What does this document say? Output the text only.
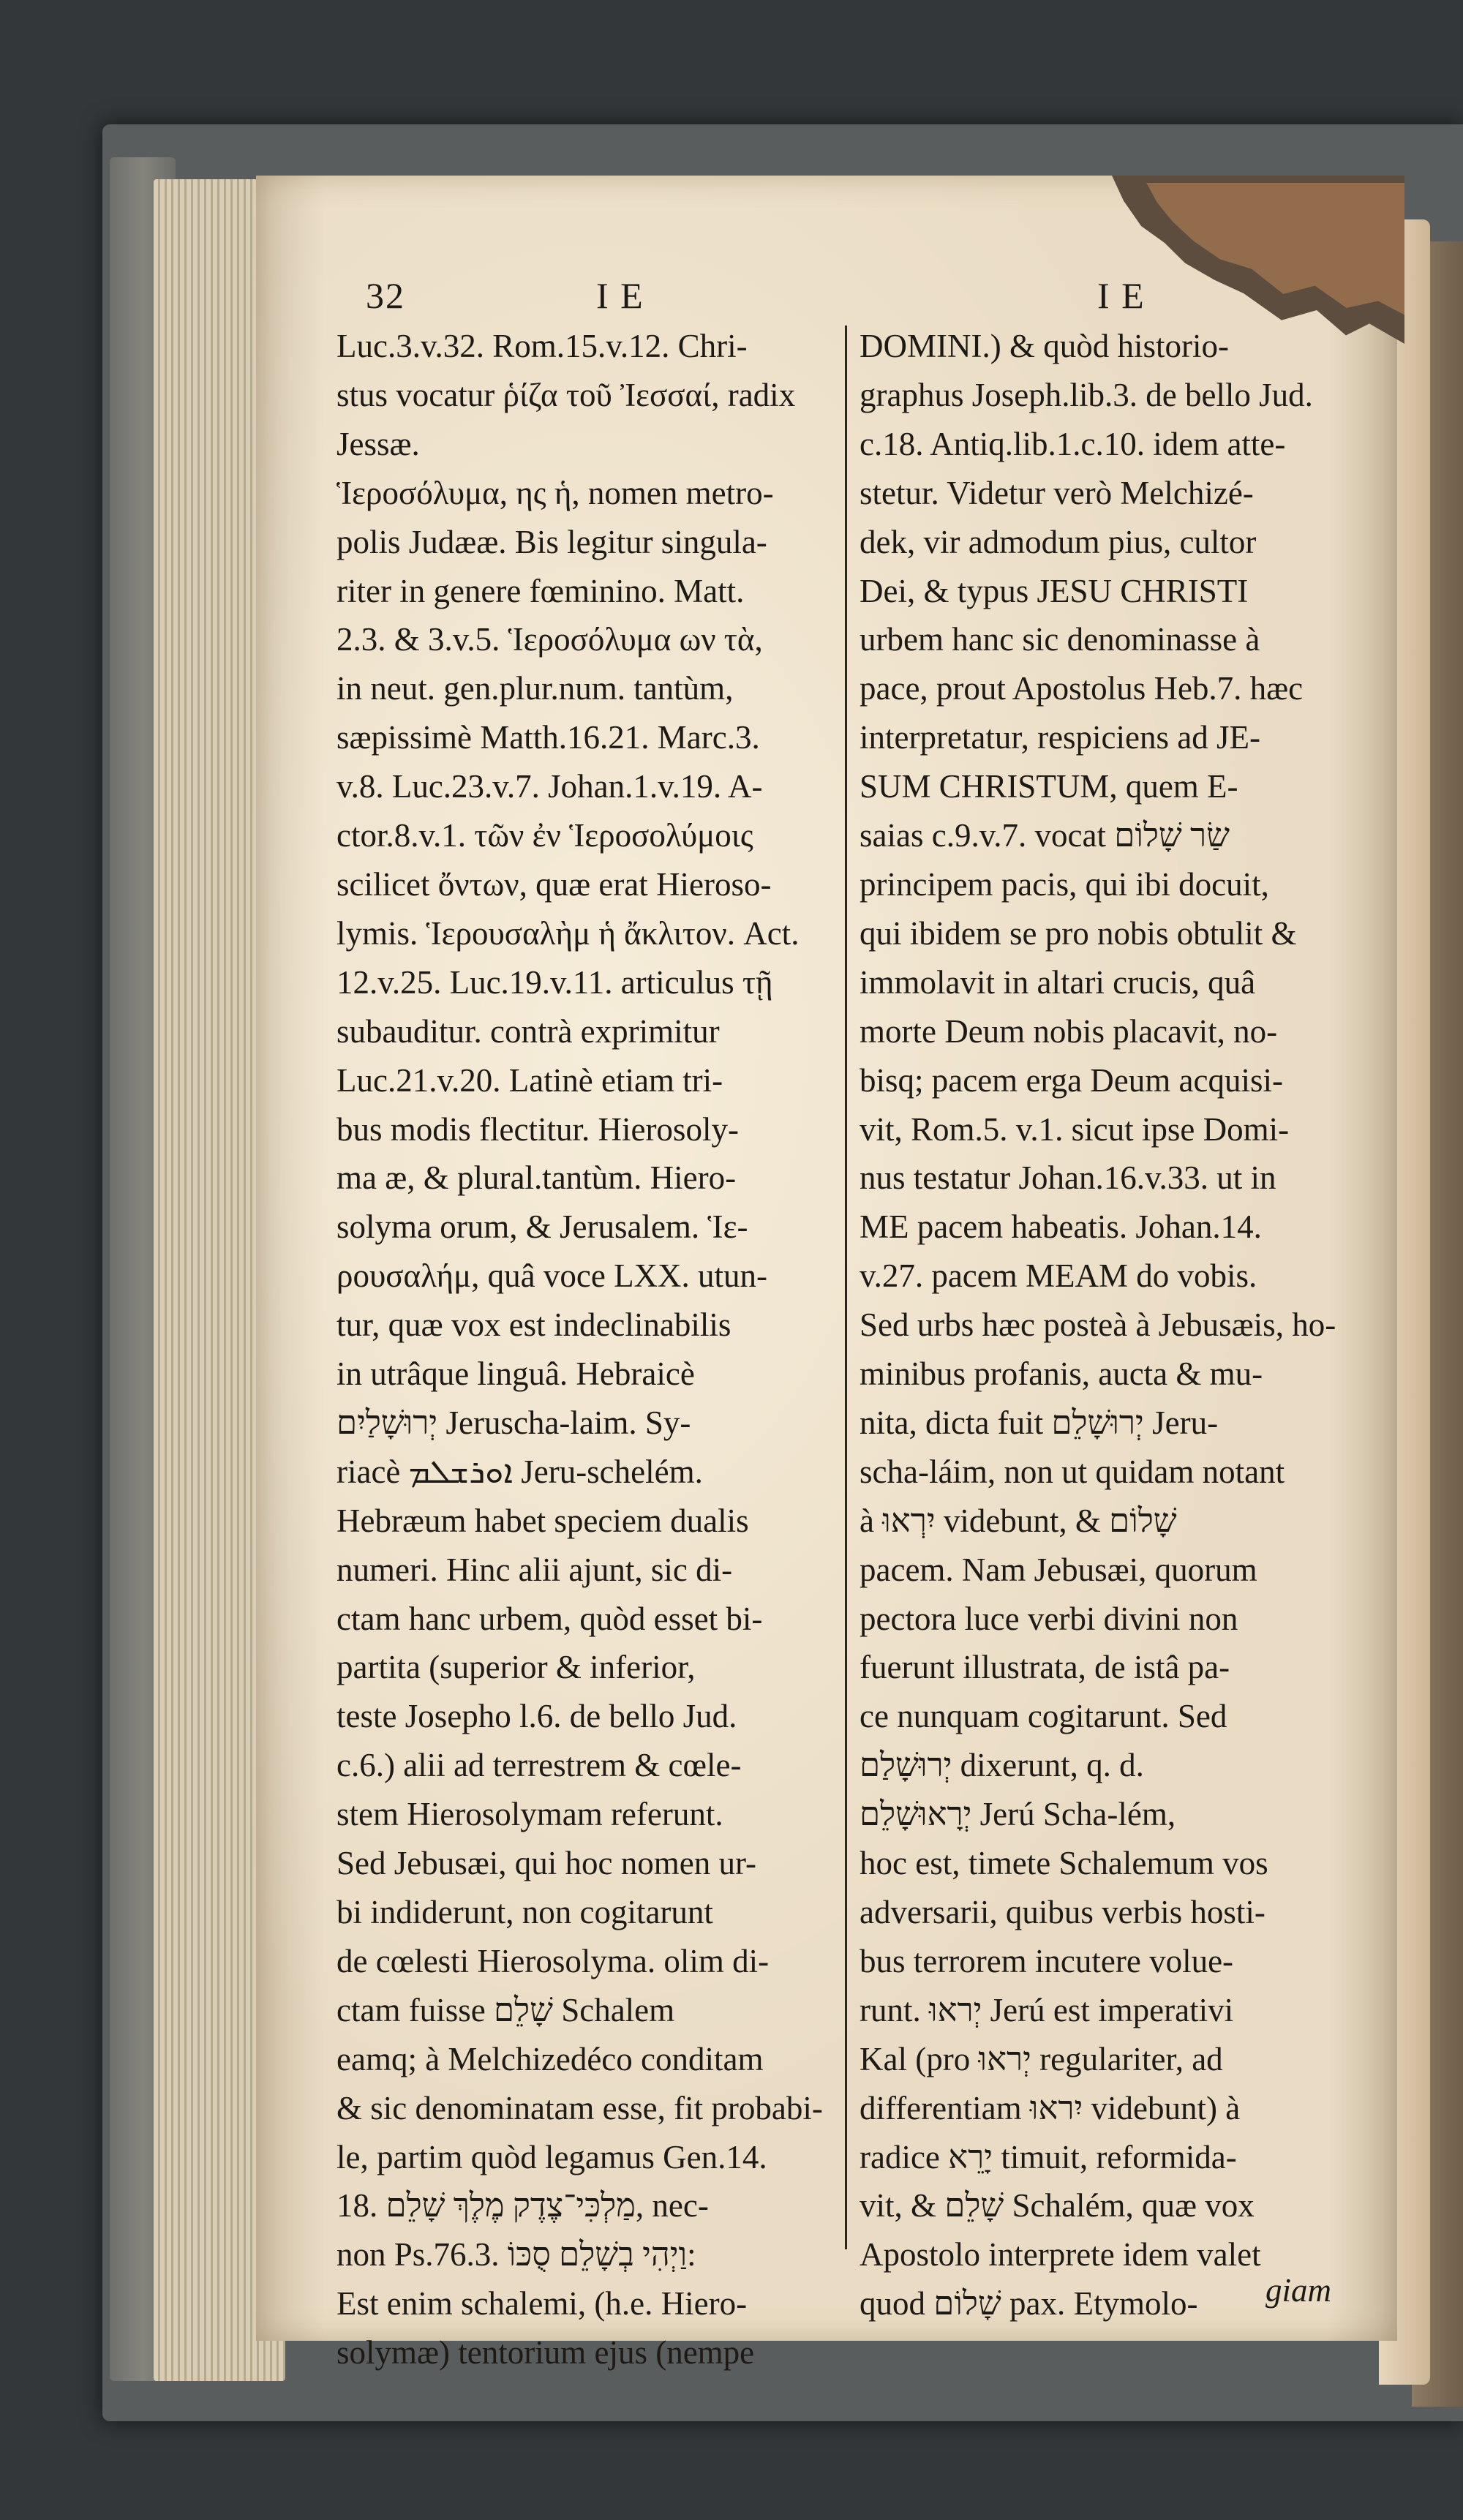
32	I E	I E
Luc.3.v.32. Rom.15.v.12. Chri-
stus vocatur ῥίζα τοῦ Ἰεσσαί, radix
Jessæ.
Ἱεροσόλυμα, ης ἡ, nomen metro-
polis Judææ. Bis legitur singula-
riter in genere fœminino. Matt.
2.3. & 3.v.5. Ἱεροσόλυμα ων τὰ,
in neut. gen.plur.num. tantùm,
sæpissimè Matth.16.21. Marc.3.
v.8. Luc.23.v.7. Johan.1.v.19. A-
ctor.8.v.1. τῶν ἐν Ἱεροσολύμοις
scilicet ὄντων, quæ erat Hieroso-
lymis. Ἱερουσαλὴμ ἡ ἄκλιτον. Act.
12.v.25. Luc.19.v.11. articulus τῇ
subauditur. contrà exprimitur
Luc.21.v.20. Latinè etiam tri-
bus modis flectitur. Hierosoly-
ma æ, & plural.tantùm. Hiero-
solyma orum, & Jerusalem. Ἱε-
ρουσαλήμ, quâ voce LXX. utun-
tur, quæ vox est indeclinabilis
in utrâque linguâ. Hebraicè
יְרוּשָׁלַיִם Jeruscha-laim. Sy-
riacè ܐܘܪܫܠܡ Jeru-schelém.
Hebræum habet speciem dualis
numeri. Hinc alii ajunt, sic di-
ctam hanc urbem, quòd esset bi-
partita (superior & inferior,
teste Josepho l.6. de bello Jud.
c.6.) alii ad terrestrem & cœle-
stem Hierosolymam referunt.
Sed Jebusæi, qui hoc nomen ur-
bi indiderunt, non cogitarunt
de cœlesti Hierosolyma. olim di-
ctam fuisse שָׁלֵם Schalem
eamq; à Melchizedéco conditam
& sic denominatam esse, fit probabi-
le, partim quòd legamus Gen.14.
18. מַלְכִּי־צֶדֶק מֶלֶךְ שָׁלֵם, nec-
non Ps.76.3. וַיְהִי בְשָׁלֵם סֻכּוֹ:
Est enim schalemi, (h.e. Hiero-
solymæ) tentorium ejus (nempe
DOMINI.) & quòd historio-
graphus Joseph.lib.3. de bello Jud.
c.18. Antiq.lib.1.c.10. idem atte-
stetur. Videtur verò Melchizé-
dek, vir admodum pius, cultor
Dei, & typus JESU CHRISTI
urbem hanc sic denominasse à
pace, prout Apostolus Heb.7. hæc
interpretatur, respiciens ad JE-
SUM CHRISTUM, quem E-
saias c.9.v.7. vocat שַׂר שָׁלוֹם
principem pacis, qui ibi docuit,
qui ibidem se pro nobis obtulit &
immolavit in altari crucis, quâ
morte Deum nobis placavit, no-
bisq; pacem erga Deum acquisi-
vit, Rom.5. v.1. sicut ipse Domi-
nus testatur Johan.16.v.33. ut in
ME pacem habeatis. Johan.14.
v.27. pacem MEAM do vobis.
Sed urbs hæc posteà à Jebusæis, ho-
minibus profanis, aucta & mu-
nita, dicta fuit יְרוּשָׁלֵם Jeru-
scha-láim, non ut quidam notant
à יִרְאוּ videbunt, & שָׁלוֹם
pacem. Nam Jebusæi, quorum
pectora luce verbi divini non
fuerunt illustrata, de istâ pa-
ce nunquam cogitarunt. Sed
יְרוּשָׁלַם dixerunt, q. d.
יְרָאוּשָׁלֵם Jerú Scha-lém,
hoc est, timete Schalemum vos
adversarii, quibus verbis hosti-
bus terrorem incutere volue-
runt. יְראוּ Jerú est imperativi
Kal (pro יְראוּ regulariter, ad
differentiam יִראוּ videbunt) à
radice יָרֵא timuit, reformida-
vit, & שָׁלֵם Schalém, quæ vox
Apostolo interprete idem valet
quod שָׁלוֹם pax. Etymolo-	giam
